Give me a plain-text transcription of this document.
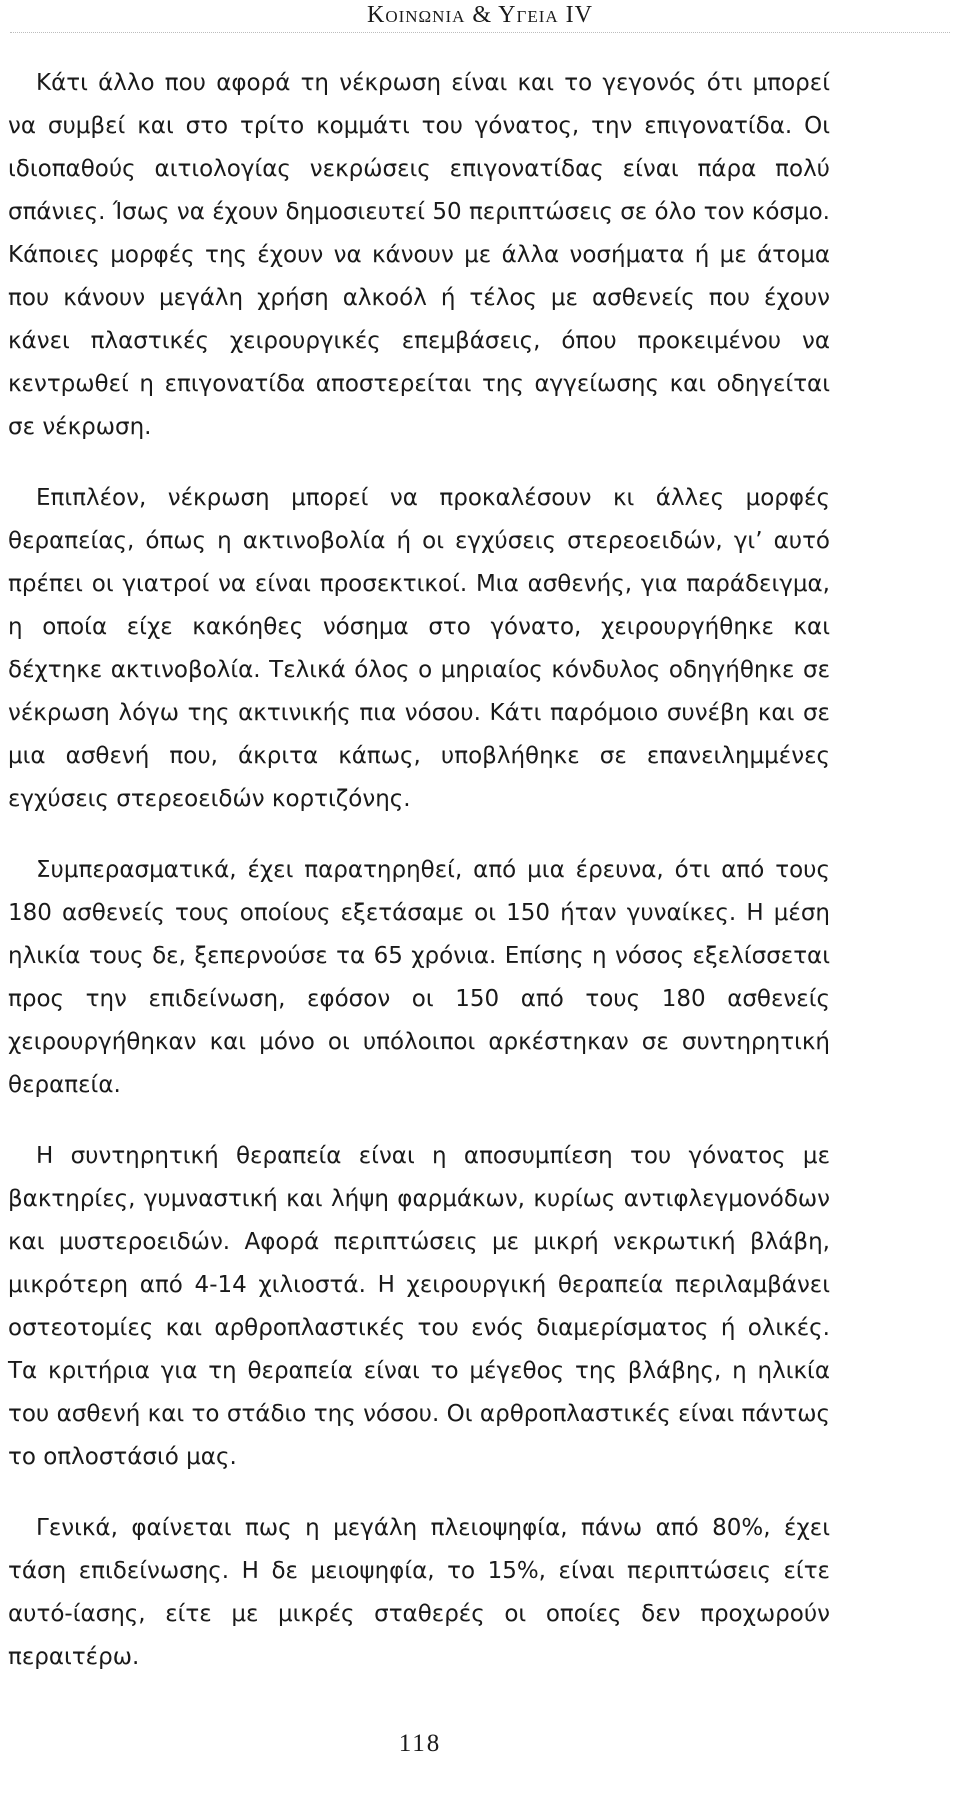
Κοινωνια & Υγεια IV

Κάτι άλλο που αφορά τη νέκρωση είναι και το γεγονός ότι μπορεί να συμβεί και στο τρίτο κομμάτι του γόνατος, την επιγονατίδα. Οι ιδιοπαθούς αιτιολογίας νεκρώσεις επιγονατίδας είναι πάρα πολύ σπάνιες. Ίσως να έχουν δημοσιευτεί 50 περιπτώσεις σε όλο τον κόσμο. Κάποιες μορφές της έχουν να κάνουν με άλλα νοσήματα ή με άτομα που κάνουν μεγάλη χρήση αλκοόλ ή τέλος με ασθενείς που έχουν κάνει πλαστικές χειρουργικές επεμβάσεις, όπου προκειμένου να κεντρωθεί η επιγονατίδα αποστερείται της αγγείωσης και οδηγείται σε νέκρωση.

Επιπλέον, νέκρωση μπορεί να προκαλέσουν κι άλλες μορφές θεραπείας, όπως η ακτινοβολία ή οι εγχύσεις στερεοειδών, γι’ αυτό πρέπει οι γιατροί να είναι προσεκτικοί. Μια ασθενής, για παράδειγμα, η οποία είχε κακόηθες νόσημα στο γόνατο, χειρουργήθηκε και δέχτηκε ακτινοβολία. Τελικά όλος ο μηριαίος κόνδυλος οδηγήθηκε σε νέκρωση λόγω της ακτινικής πια νόσου. Κάτι παρόμοιο συνέβη και σε μια ασθενή που, άκριτα κάπως, υποβλήθηκε σε επανειλημμένες εγχύσεις στερεοειδών κορτιζόνης.

Συμπερασματικά, έχει παρατηρηθεί, από μια έρευνα, ότι από τους 180 ασθενείς τους οποίους εξετάσαμε οι 150 ήταν γυναίκες. Η μέση ηλικία τους δε, ξεπερνούσε τα 65 χρόνια. Επίσης η νόσος εξελίσσεται προς την επιδείνωση, εφόσον οι 150 από τους 180 ασθενείς χειρουργήθηκαν και μόνο οι υπόλοιποι αρκέστηκαν σε συντηρητική θεραπεία.

Η συντηρητική θεραπεία είναι η αποσυμπίεση του γόνατος με βακτηρίες, γυμναστική και λήψη φαρμάκων, κυρίως αντιφλεγμονόδων και μυστεροειδών. Αφορά περιπτώσεις με μικρή νεκρωτική βλάβη, μικρότερη από 4-14 χιλιοστά. Η χειρουργική θεραπεία περιλαμβάνει οστεοτομίες και αρθροπλαστικές του ενός διαμερίσματος ή ολικές. Τα κριτήρια για τη θεραπεία είναι το μέγεθος της βλάβης, η ηλικία του ασθενή και το στάδιο της νόσου. Οι αρθροπλαστικές είναι πάντως το οπλοστάσιό μας.

Γενικά, φαίνεται πως η μεγάλη πλειοψηφία, πάνω από 80%, έχει τάση επιδείνωσης. Η δε μειοψηφία, το 15%, είναι περιπτώσεις είτε αυτό-ίασης, είτε με μικρές σταθερές οι οποίες δεν προχωρούν περαιτέρω.

118
